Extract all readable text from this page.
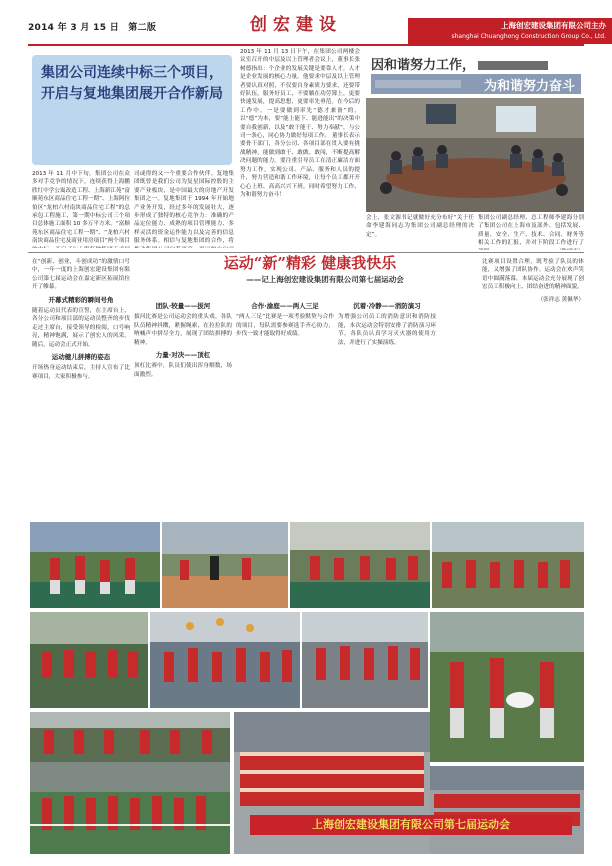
2014 年 3 月 15 日　第二版	创宏建设	上海创宏建设集团有限公司主办
shanghai Chuanghong Construction Group Co., Ltd.
集团公司连续中标三个项目，开启与复地集团展开合作新局
2013 年 11 月中下旬，集团公司在众多对手竞争的情况下，连续获得上海鹏欣红中学公寓改造工程、上海新江苑“富顺苑东区商品住宅工程一期”、上海阿拉伯区“龙柏六村南块商品住宅工程”的总承包工程施工，第一期中标公司三个项目总体施工面积 10 多万平方米。“富顺苑东区商品住宅工程一期”、“龙柏六村南块商品住宅及商业用房项目”两个项目
司或得的又一个重要合作伙伴。复地集团既曾是我们公司为复星国际控股的主要产业板块，是中国最大的房地产开发集团之一。复地集团于 1994 年开始地产业务开发，经过多年的发展壮大，逐步形成了独特的核心竞争力：准确的产品定位能力、成熟的项目管理能力、多样灵活的资金运作能力以及完善的信息服务体系。相信与复地集团的合作，将
2013 年 11 月 13 日下午，在集团公司两楼会议室召开的中层及以上管理者会议上，董事长张树德指出：个企业的发展关键是要靠人才，人才是企业发展的核心力量。他要求中层及以上管理者要认真对照，不仅要自身素质力要求，还要带好队伍，服务好员工，不要躺在功劳簿上，更要快速发展，提高思想，更要率先垂范。在今后的工作中，一是要做到率先“德才兼备”的，以“德”为本，要“能上能下、能进能出”的决策中要自我创新，以及“敢干能干、努力奉献”，与公司一条心，同心协力做好每项工作。 董事长表示要骨干部门，各分公司、各项目部在贯入要有挑战精神，能做到敢干、敢做、敢闯，不断提高解决问题的能力。要注重引导员工在清正廉洁方面努力工作，实现公司、产品、服务和人员的提升，努力营造和谐工作环境，让每个员工都开开心心上班、高高兴兴下班。同时希望努力工作、为和谐努力奋斗！
因和谐努力工作，
为和谐努力奋斗
会上，张文源书记就做好充分布好“关于任命李建海同志为集团公司副总经理的决定”。
集团公司副总经理、总工程师李建海分别了集团公司在上海市及部外、包括发展、质量、安全、生产、技术、合同、财务等相关工作的汇报，并对下阶段工作进行了
运动“新”精彩 健康我快乐
——记上海创宏建设集团有限公司第七届运动会
在“创新、创业，斗创成功”的激情口号中，一年一度的上海创宏建设集团有限公司第七届运动会在嘉定新区拓展馆拉开了帷幕。
开幕式精彩的瞬间号角
随着运动员代表的宣誓，在主席台上，各分公司和项目部的运动员整齐的步伐走过主席台，接受领导的检阅，口号响亮，精神饱满，展示了创宏人的风采。随后，运动会正式开始。
运动健儿拼搏的姿态
开场热身运动结束后，主持人宣布了比赛项目，大家积极参与。
团队·较量——拔河
拔河比赛是公司运动会的重头戏。各队队员精神抖擞，紧握绳索，在拉拉队的呐喊声中拼尽全力，展现了团结拼搏的精神。
力量·对决——顶杠
顶杠比赛中，队员们使出浑身解数，场面激烈。
合作·渝庭——两人三足
“两人三足”比赛是一项考验默契与合作的项目，每队需要参赛选手齐心协力，步伐一致才能取得好成绩。
沉着·冷静——消防演习
为增强公司员工的消防意识和消防技能，本次运动会特别安排了消防演习环节。各队员认真学习灭火器的使用方法，并进行了实操演练。
比赛项目设置合理，既考验了队员的体能，又增强了团队协作。运动会在欢声笑语中圆满落幕，本届运动会充分展现了创宏员工积极向上、团结奋进的精神面貌。
（张祥志 黄佩华）
上海创宏建设集团有限公司第七届运动会
